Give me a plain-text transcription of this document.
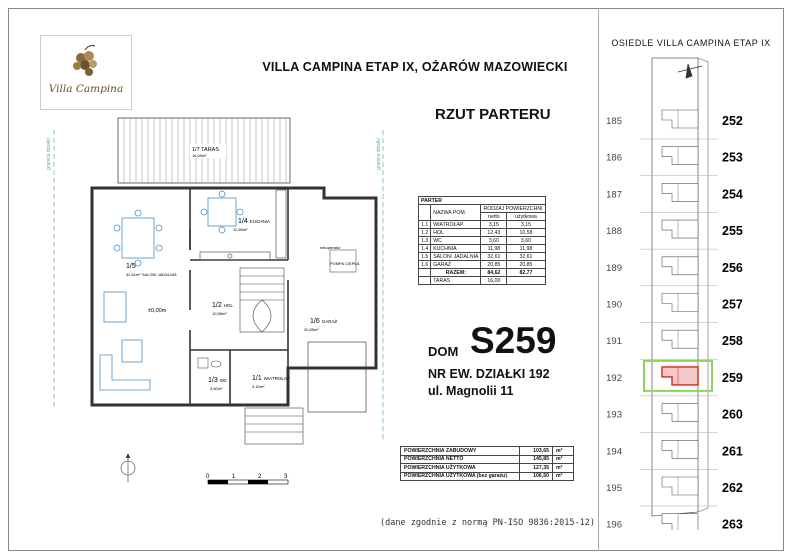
Villa Campina
VILLA CAMPINA ETAP IX, OŻARÓW MAZOWIECKI
RZUT PARTERU
granica działki	granica działki
1/7 TARAS
16,00m²
rekuperator
POMPA CIEPŁA
1/4 KUCHNIA
11,98m²
1/5
32,61m² SALON/ JADALNIA
±0,00m
1/2 HOL
10,58m²
1/6 GARAŻ
20,85m²
1/3 WC
3,60m²
1/1 WIATROŁAP
3,15m²
0	1	2	3
PARTER			
	NAZWA POM.	RODZAJ POWIERZCHNI	
		netto	użytkowa
1.1	WIATROŁAP	3,15	3,15
1.2	HOL	12,43	10,58
1.3	WC	3,60	3,60
1.4	KUCHNIA	11,98	11,98
1.5	SALON/ JADALNIA	32,61	32,61
1.6	GARAŻ	20,85	20,85
	RAZEM:	84,62	82,77
	TARAS	16,00	
DOM S259
NR EW. DZIAŁKI 192
ul. Magnolii 11
POWIERZCHNIA ZABUDOWY	103,65	m²
POWIERZCHNIA NETTO	145,85	m²
POWIERZCHNIA UŻYTKOWA	127,35	m²
POWIERZCHNIA UŻYTKOWA (bez garażu)	106,50	m²
(dane zgodnie z normą PN-ISO 9836:2015-12)
OSIEDLE VILLA CAMPINA ETAP IX
185	252
186	253
187	254
188	255
189	256
190	257
191	258
192	259
193	260
194	261
195	262
196	263
